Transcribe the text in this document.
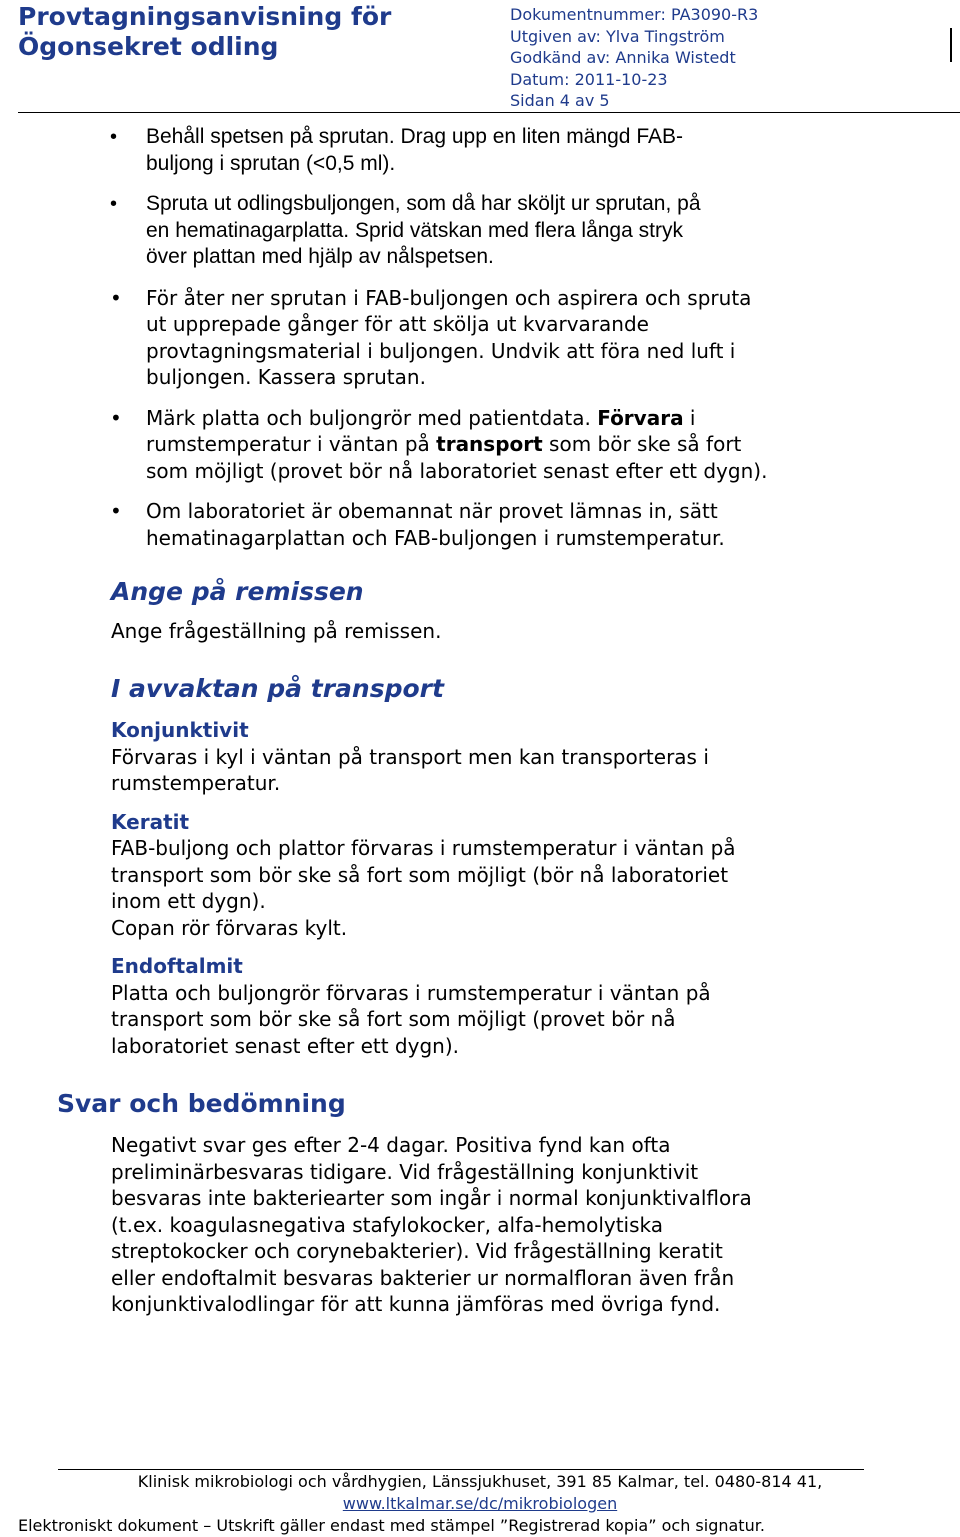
Provtagningsanvisning för
Ögonsekret odling
Dokumentnummer: PA3090-R3
Utgiven av: Ylva Tingström
Godkänd av: Annika Wistedt
Datum: 2011-10-23
Sidan 4 av 5
• Behåll spetsen på sprutan. Drag upp en liten mängd FAB-
buljong i sprutan (<0,5 ml).
• Spruta ut odlingsbuljongen, som då har sköljt ur sprutan, på
en hematinagarplatta. Sprid vätskan med flera långa stryk
över plattan med hjälp av nålspetsen.
• För åter ner sprutan i FAB-buljongen och aspirera och spruta
ut upprepade gånger för att skölja ut kvarvarande
provtagningsmaterial i buljongen. Undvik att föra ned luft i
buljongen. Kassera sprutan.
• Märk platta och buljongrör med patientdata. Förvara i
rumstemperatur i väntan på transport som bör ske så fort
som möjligt (provet bör nå laboratoriet senast efter ett dygn).
• Om laboratoriet är obemannat när provet lämnas in, sätt
hematinagarplattan och FAB-buljongen i rumstemperatur.
Ange på remissen

Ange frågeställning på remissen.

I avvaktan på transport

Konjunktivit

Förvaras i kyl i väntan på transport men kan transporteras i

rumstemperatur.

Keratit

FAB-buljong och plattor förvaras i rumstemperatur i väntan på

transport som bör ske så fort som möjligt (bör nå laboratoriet

inom ett dygn).

Copan rör förvaras kylt.

Endoftalmit

Platta och buljongrör förvaras i rumstemperatur i väntan på

transport som bör ske så fort som möjligt (provet bör nå

laboratoriet senast efter ett dygn).

Svar och bedömning

Negativt svar ges efter 2-4 dagar. Positiva fynd kan ofta

preliminärbesvaras tidigare. Vid frågeställning konjunktivit

besvaras inte bakteriearter som ingår i normal konjunktivalflora

(t.ex. koagulasnegativa stafylokocker, alfa-hemolytiska

streptokocker och corynebakterier). Vid frågeställning keratit

eller endoftalmit besvaras bakterier ur normalfloran även från

konjunktivalodlingar för att kunna jämföras med övriga fynd.

Klinisk mikrobiologi och vårdhygien, Länssjukhuset, 391 85 Kalmar, tel. 0480-814 41,
www.ltkalmar.se/dc/mikrobiologen
Elektroniskt dokument – Utskrift gäller endast med stämpel ”Registrerad kopia” och signatur.
